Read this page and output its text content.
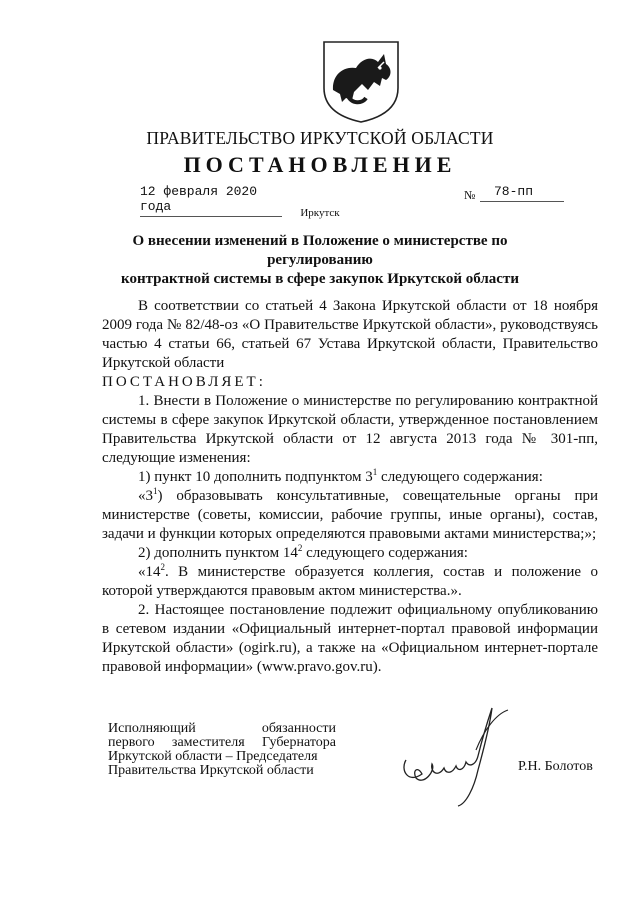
ПРАВИТЕЛЬСТВО ИРКУТСКОЙ ОБЛАСТИ
ПОСТАНОВЛЕНИЕ
12 февраля 2020 года
№	78-пп
Иркутск
О внесении изменений в Положение о министерстве по регулированию
контрактной системы в сфере закупок Иркутской области

В соответствии со статьей 4 Закона Иркутской области от 18 ноября 2009 года № 82/48-оз «О Правительстве Иркутской области», руководствуясь частью 4 статьи 66, статьей 67 Устава Иркутской области, Правительство Иркутской области

ПОСТАНОВЛЯЕТ:

1. Внести в Положение о министерстве по регулированию контрактной системы в сфере закупок Иркутской области, утвержденное постановлением Правительства Иркутской области от 12 августа 2013 года № 301-пп, следующие изменения:

1) пункт 10 дополнить подпунктом $3^1$ следующего содержания:

«$3^1$) образовывать консультативные, совещательные органы при министерстве (советы, комиссии, рабочие группы, иные органы), состав, задачи и функции которых определяются правовыми актами министерства;»;

2) дополнить пунктом $14^2$ следующего содержания:

«$14^2$. В министерстве образуется коллегия, состав и положение о которой утверждаются правовым актом министерства.».

2. Настоящее постановление подлежит официальному опубликованию в сетевом издании «Официальный интернет-портал правовой информации Иркутской области» (ogirk.ru), а также на «Официальном интернет-портале правовой информации» (www.pravo.gov.ru).

Исполняющий обязанности
первого заместителя Губернатора
Иркутской области – Председателя
Правительства Иркутской области	Р.Н. Болотов
